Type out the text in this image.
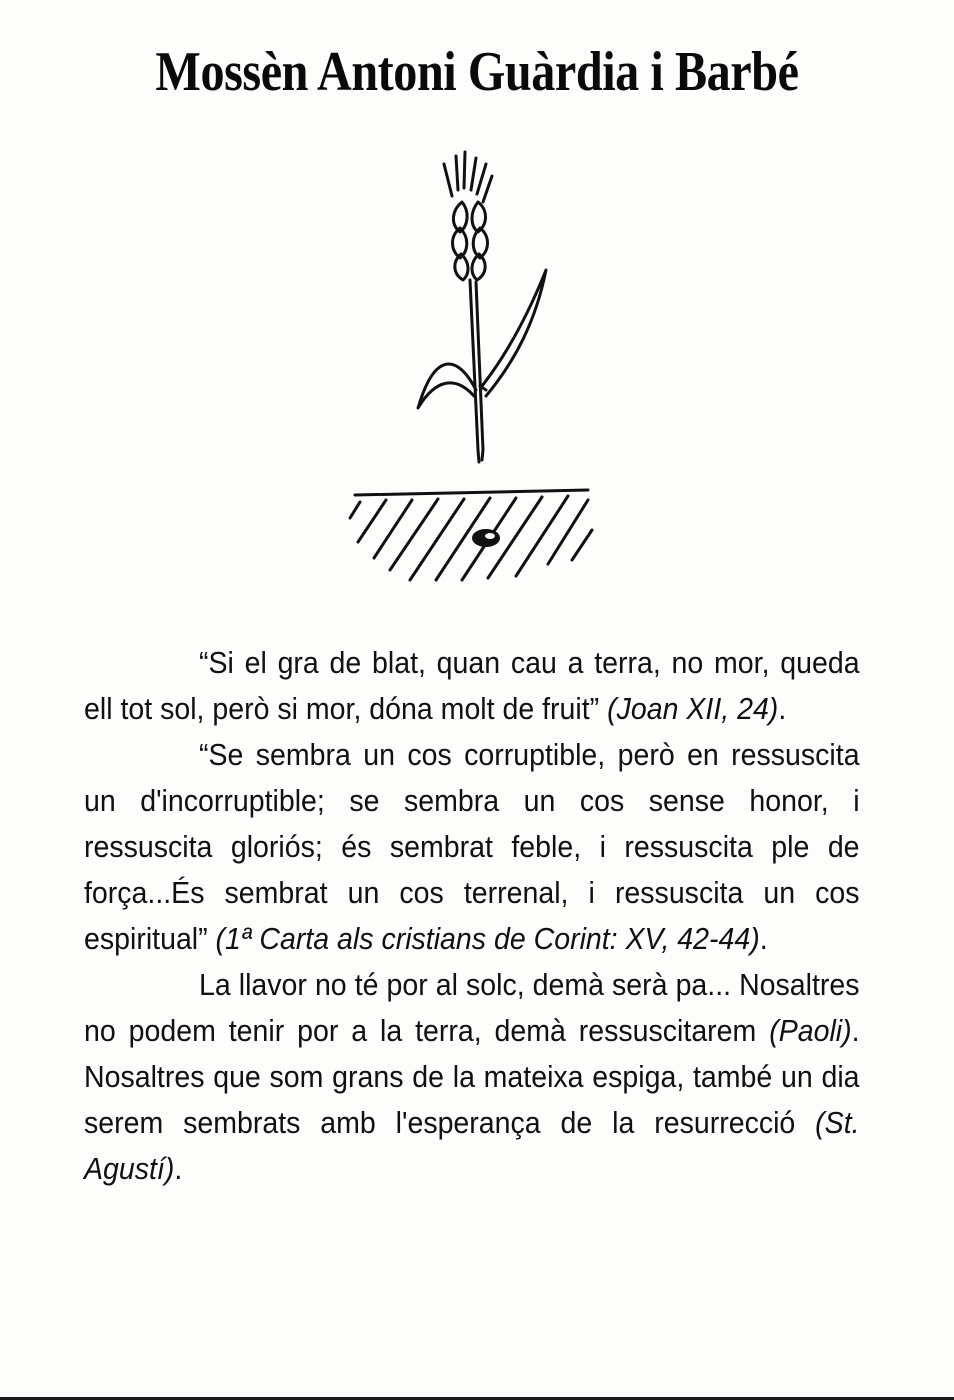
Mossèn Antoni Guàrdia i Barbé

“Si el gra de blat, quan cau a terra, no mor, queda ell tot sol, però si mor, dóna molt de fruit” (Joan XII, 24).

“Se sembra un cos corruptible, però en ressuscita un d'incorruptible; se sembra un cos sense honor, i ressuscita gloriós; és sembrat feble, i ressuscita ple de força...És sembrat un cos terrenal, i ressuscita un cos espiritual” (1ª Carta als cristians de Corint: XV, 42-44).

La llavor no té por al solc, demà serà pa... Nosaltres no podem tenir por a la terra, demà ressuscitarem (Paoli). Nosaltres que som grans de la mateixa espiga, també un dia serem sembrats amb l'esperança de la resurrecció (St. Agustí).
